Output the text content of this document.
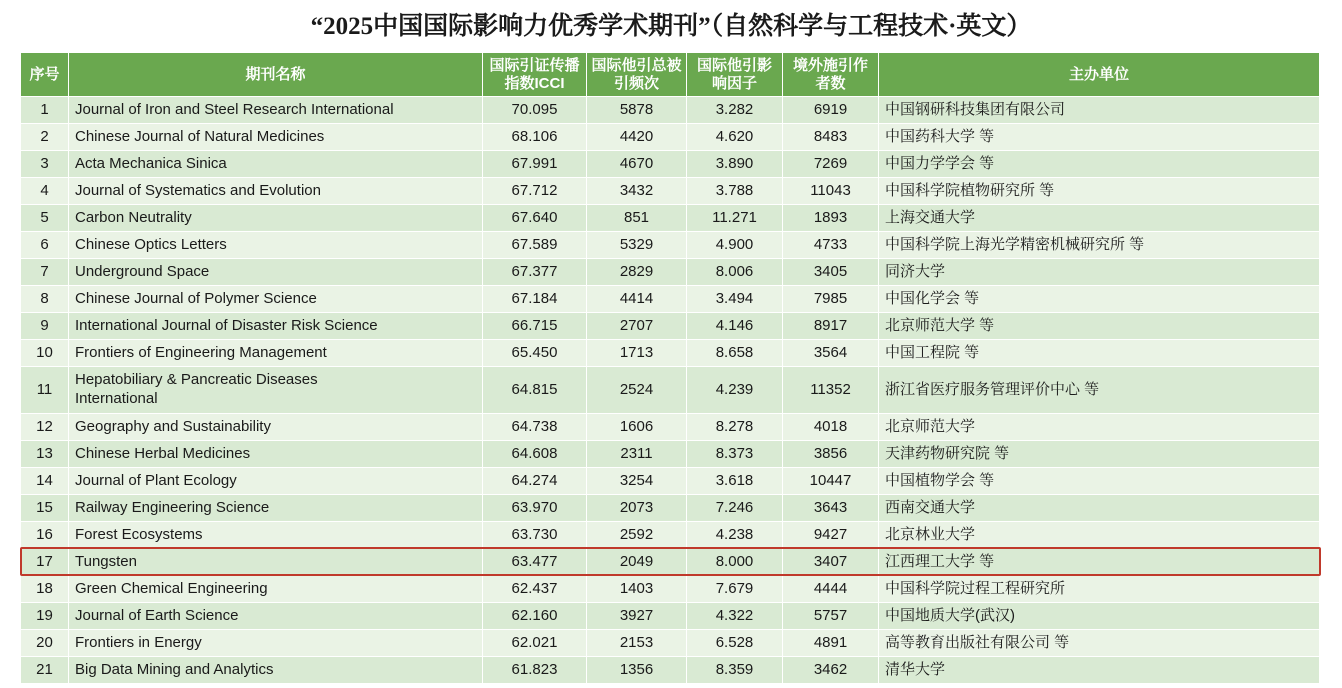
“2025中国国际影响力优秀学术期刊”（自然科学与工程技术·英文）
序号	期刊名称	国际引证传播指数ICCI	国际他引总被引频次	国际他引影响因子	境外施引作者数	主办单位
1	Journal of Iron and Steel Research International	70.095	5878	3.282	6919	中国钢研科技集团有限公司
2	Chinese Journal of Natural Medicines	68.106	4420	4.620	8483	中国药科大学 等
3	Acta Mechanica Sinica	67.991	4670	3.890	7269	中国力学学会 等
4	Journal of Systematics and Evolution	67.712	3432	3.788	11043	中国科学院植物研究所 等
5	Carbon Neutrality	67.640	851	11.271	1893	上海交通大学
6	Chinese Optics Letters	67.589	5329	4.900	4733	中国科学院上海光学精密机械研究所 等
7	Underground Space	67.377	2829	8.006	3405	同济大学
8	Chinese Journal of Polymer Science	67.184	4414	3.494	7985	中国化学会 等
9	International Journal of Disaster Risk Science	66.715	2707	4.146	8917	北京师范大学 等
10	Frontiers of Engineering Management	65.450	1713	8.658	3564	中国工程院 等
11	Hepatobiliary & Pancreatic Diseases
International	64.815	2524	4.239	11352	浙江省医疗服务管理评价中心 等
12	Geography and Sustainability	64.738	1606	8.278	4018	北京师范大学
13	Chinese Herbal Medicines	64.608	2311	8.373	3856	天津药物研究院 等
14	Journal of Plant Ecology	64.274	3254	3.618	10447	中国植物学会 等
15	Railway Engineering Science	63.970	2073	7.246	3643	西南交通大学
16	Forest Ecosystems	63.730	2592	4.238	9427	北京林业大学
17	Tungsten	63.477	2049	8.000	3407	江西理工大学 等
18	Green Chemical Engineering	62.437	1403	7.679	4444	中国科学院过程工程研究所
19	Journal of Earth Science	62.160	3927	4.322	5757	中国地质大学(武汉)
20	Frontiers in Energy	62.021	2153	6.528	4891	高等教育出版社有限公司 等
21	Big Data Mining and Analytics	61.823	1356	8.359	3462	清华大学
